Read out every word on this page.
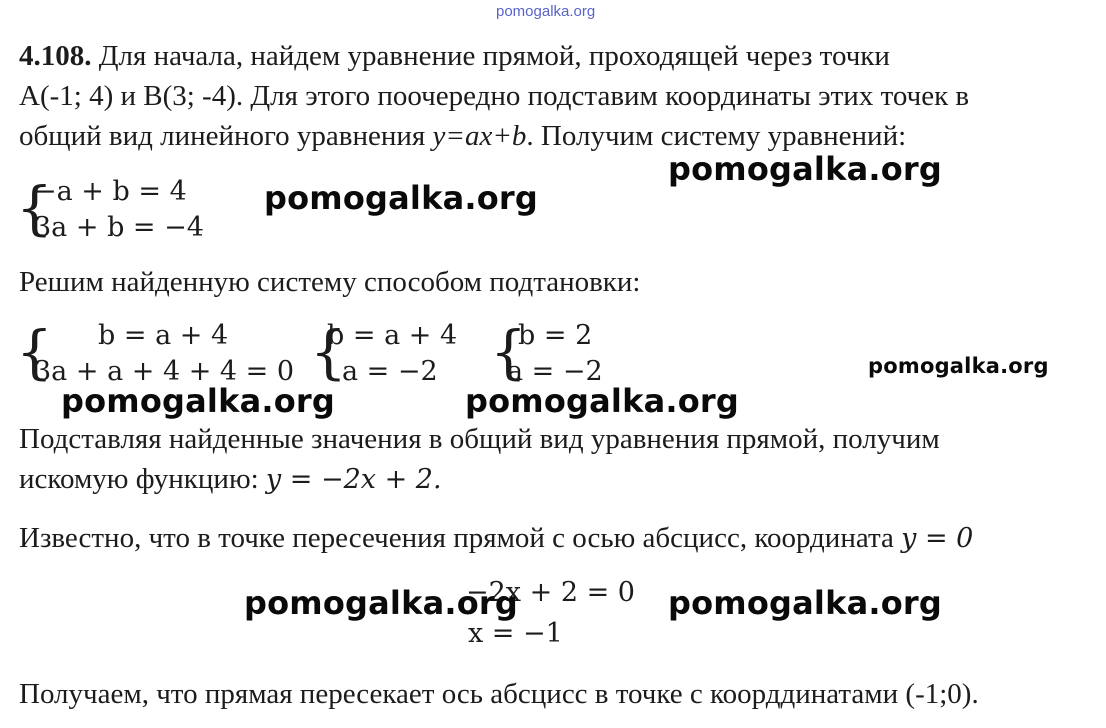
pomogalka.org
4.108. Для начала, найдем уравнение прямой, проходящей через точки
A(-1; 4) и B(3; -4). Для этого поочередно подставим координаты этих точек в
общий вид линейного уравнения y=ax+b. Получим систему уравнений:
pomogalka.org
pomogalka.org
{
−a + b = 4
3a + b = −4
Решим найденную систему способом подтановки:
{ b = a + 4
3a + a + 4 + 4 = 0 {
b = a + 4
a = −2 {
b = 2
a = −2	pomogalka.org
pomogalka.org	pomogalka.org
Подставляя найденные значения в общий вид уравнения прямой, получим
искомую функцию: y = −2x + 2.
Известно, что в точке пересечения прямой с осью абсцисс, координата y = 0
−2x + 2 = 0
x = −1
pomogalka.org	pomogalka.org
Получаем, что прямая пересекает ось абсцисс в точке с коорддинатами (-1;0).
